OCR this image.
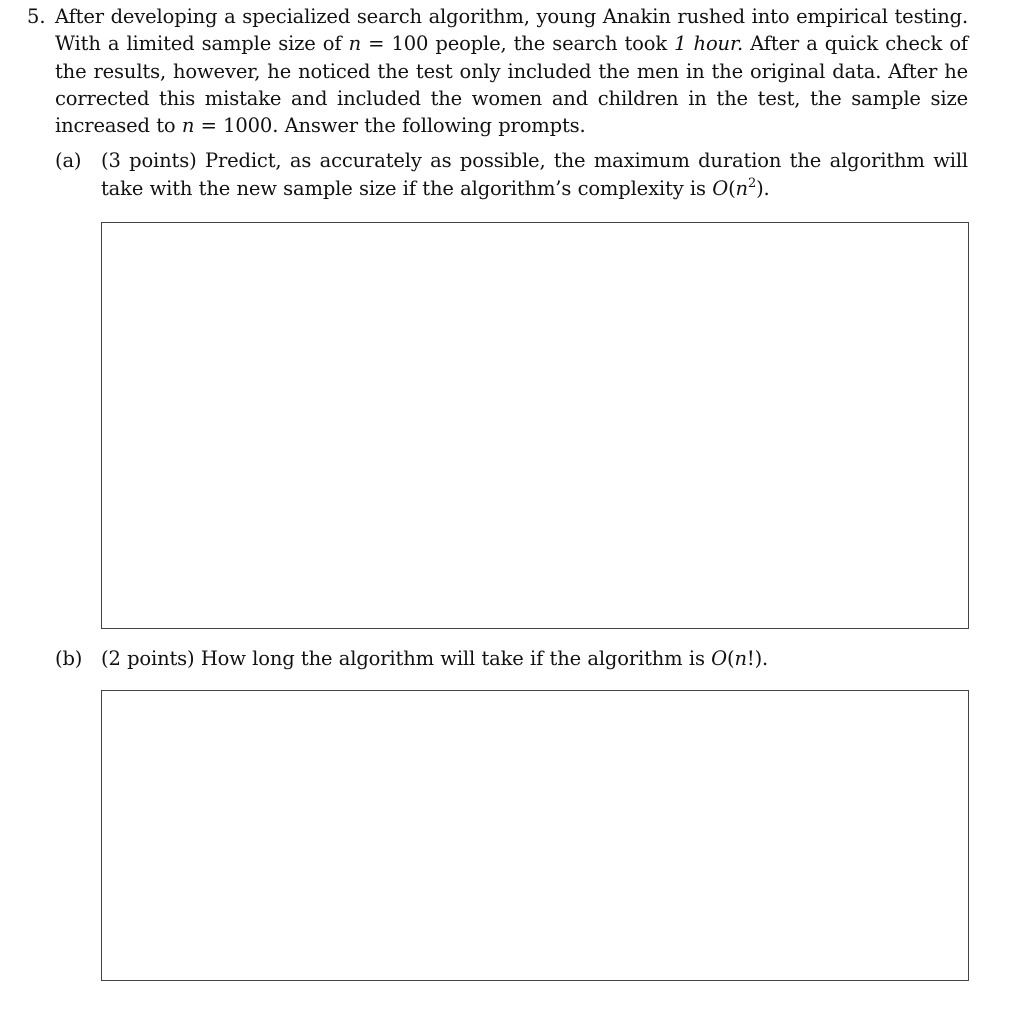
5. After developing a specialized search algorithm, young Anakin rushed into empirical testing. With a limited sample size of n = 100 people, the search took 1 hour. After a quick check of the results, however, he noticed the test only included the men in the original data. After he corrected this mistake and included the women and children in the test, the sample size increased to n = 1000. Answer the following prompts.
(a) (3 points) Predict, as accurately as possible, the maximum duration the algorithm will take with the new sample size if the algorithm’s complexity is $O(n^2)$.
(b) (2 points) How long the algorithm will take if the algorithm is O(n!).
